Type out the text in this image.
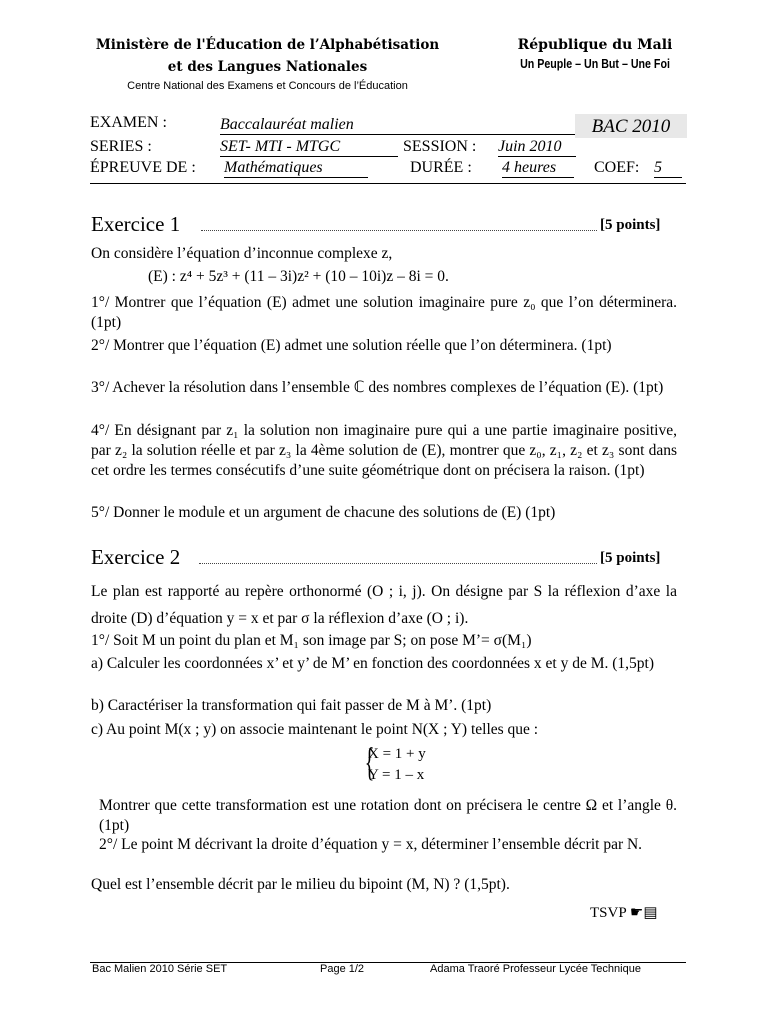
Ministère de l'Éducation de l’Alphabétisation
et des Langues Nationales
Centre National des Examens et Concours de l’Éducation
République du Mali
Un Peuple – Un But – Une Foi
EXAMEN :	Baccalauréat malien	BAC 2010
SERIES :	SET- MTI - MTGC	SESSION : Juin 2010
ÉPREUVE DE : Mathématiques	DURÉE : 4 heures	COEF: 5
Exercice 1	[5 points]
On considère l’équation d’inconnue complexe z,
(E) : z⁴ + 5z³ + (11 – 3i)z² + (10 – 10i)z – 8i = 0.
1°/ Montrer que l’équation (E) admet une solution imaginaire pure z₀ que l’on déterminera. (1pt)
2°/ Montrer que l’équation (E) admet une solution réelle que l’on déterminera. (1pt)
3°/ Achever la résolution dans l’ensemble ℂ des nombres complexes de l’équation (E). (1pt)
4°/ En désignant par z₁ la solution non imaginaire pure qui a une partie imaginaire positive, par z₂ la solution réelle et par z₃ la 4ème solution de (E), montrer que z₀, z₁, z₂ et z₃ sont dans cet ordre les termes consécutifs d’une suite géométrique dont on précisera la raison. (1pt)
5°/ Donner le module et un argument de chacune des solutions de (E) (1pt)
Exercice 2	[5 points]
Le plan est rapporté au repère orthonormé (O ; i, j). On désigne par S la réflexion d’axe la droite (D) d’équation y = x et par σ la réflexion d’axe (O ; i).
1°/ Soit M un point du plan et M₁ son image par S; on pose M’= σ(M₁)
a) Calculer les coordonnées x’ et y’ de M’ en fonction des coordonnées x et y de M. (1,5pt)
b) Caractériser la transformation qui fait passer de M à M’. (1pt)
c) Au point M(x ; y) on associe maintenant le point N(X ; Y) telles que :
{
X = 1 + y
Y = 1 – x
Montrer que cette transformation est une rotation dont on précisera le centre Ω et l’angle θ. (1pt)
2°/ Le point M décrivant la droite d’équation y = x, déterminer l’ensemble décrit par N.
Quel est l’ensemble décrit par le milieu du bipoint (M, N) ? (1,5pt).
TSVP ☛▤
Bac Malien 2010 Série SET	Page 1/2	Adama Traoré Professeur Lycée Technique
